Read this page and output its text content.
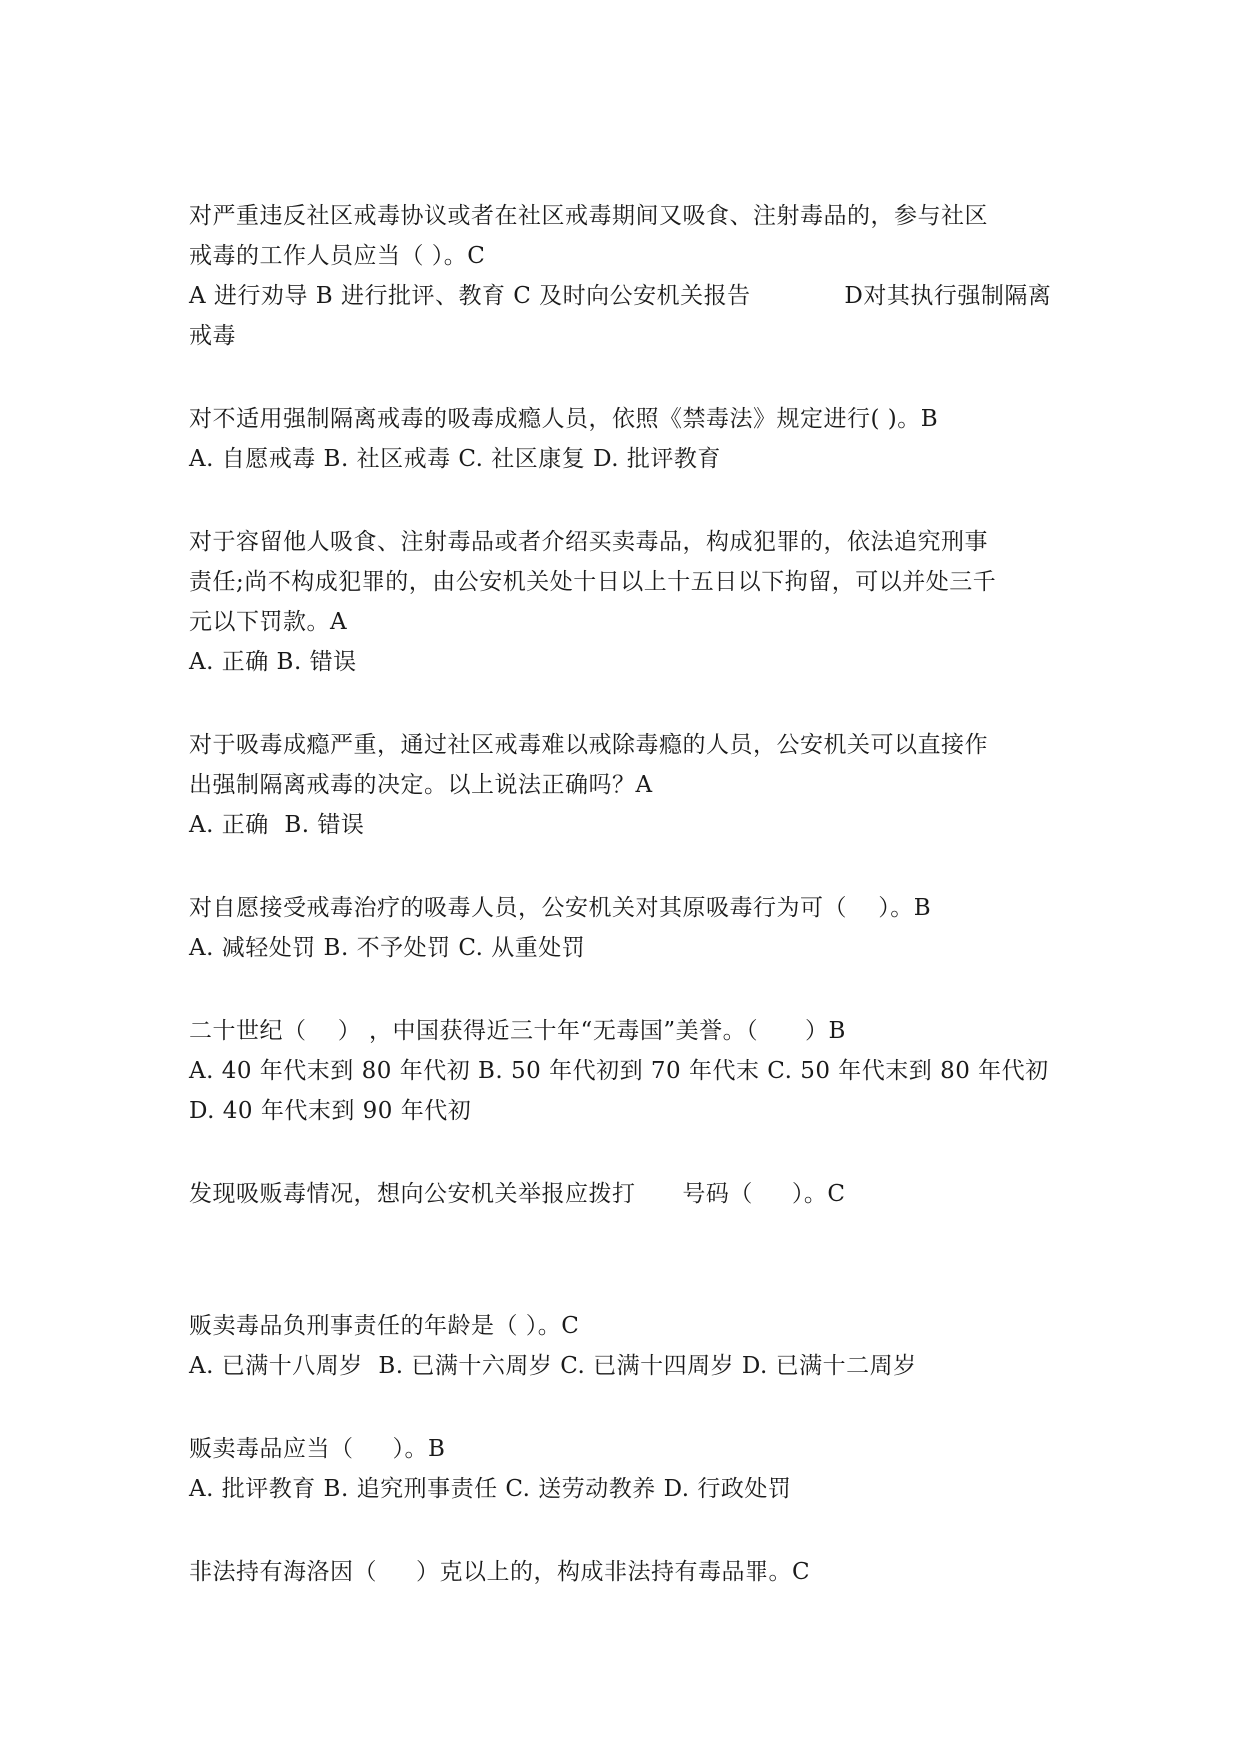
对严重违反社区戒毒协议或者在社区戒毒期间又吸食、注射毒品的，参与社区
戒毒的工作人员应当（ ）。C
A 进行劝导 B 进行批评、教育 C 及时向公安机关报告            D对其执行强制隔离
戒毒
对不适用强制隔离戒毒的吸毒成瘾人员，依照《禁毒法》规定进行( )。B
A. 自愿戒毒 B. 社区戒毒 C. 社区康复 D. 批评教育
对于容留他人吸食、注射毒品或者介绍买卖毒品，构成犯罪的，依法追究刑事
责任;尚不构成犯罪的，由公安机关处十日以上十五日以下拘留，可以并处三千
元以下罚款。A
A. 正确 B. 错误
对于吸毒成瘾严重，通过社区戒毒难以戒除毒瘾的人员，公安机关可以直接作
出强制隔离戒毒的决定。以上说法正确吗？A
A. 正确  B. 错误
对自愿接受戒毒治疗的吸毒人员，公安机关对其原吸毒行为可（    ）。B
A. 减轻处罚 B. 不予处罚 C. 从重处罚
二十世纪（    ） ，中国获得近三十年“无毒国”美誉。（      ）B
A. 40 年代末到 80 年代初 B. 50 年代初到 70 年代末 C. 50 年代末到 80 年代初
D. 40 年代末到 90 年代初
发现吸贩毒情况，想向公安机关举报应拨打      号码（     ）。C
贩卖毒品负刑事责任的年龄是（ ）。C
A. 已满十八周岁  B. 已满十六周岁 C. 已满十四周岁 D. 已满十二周岁
贩卖毒品应当（     ）。B
A. 批评教育 B. 追究刑事责任 C. 送劳动教养 D. 行政处罚
非法持有海洛因（     ）克以上的，构成非法持有毒品罪。C
